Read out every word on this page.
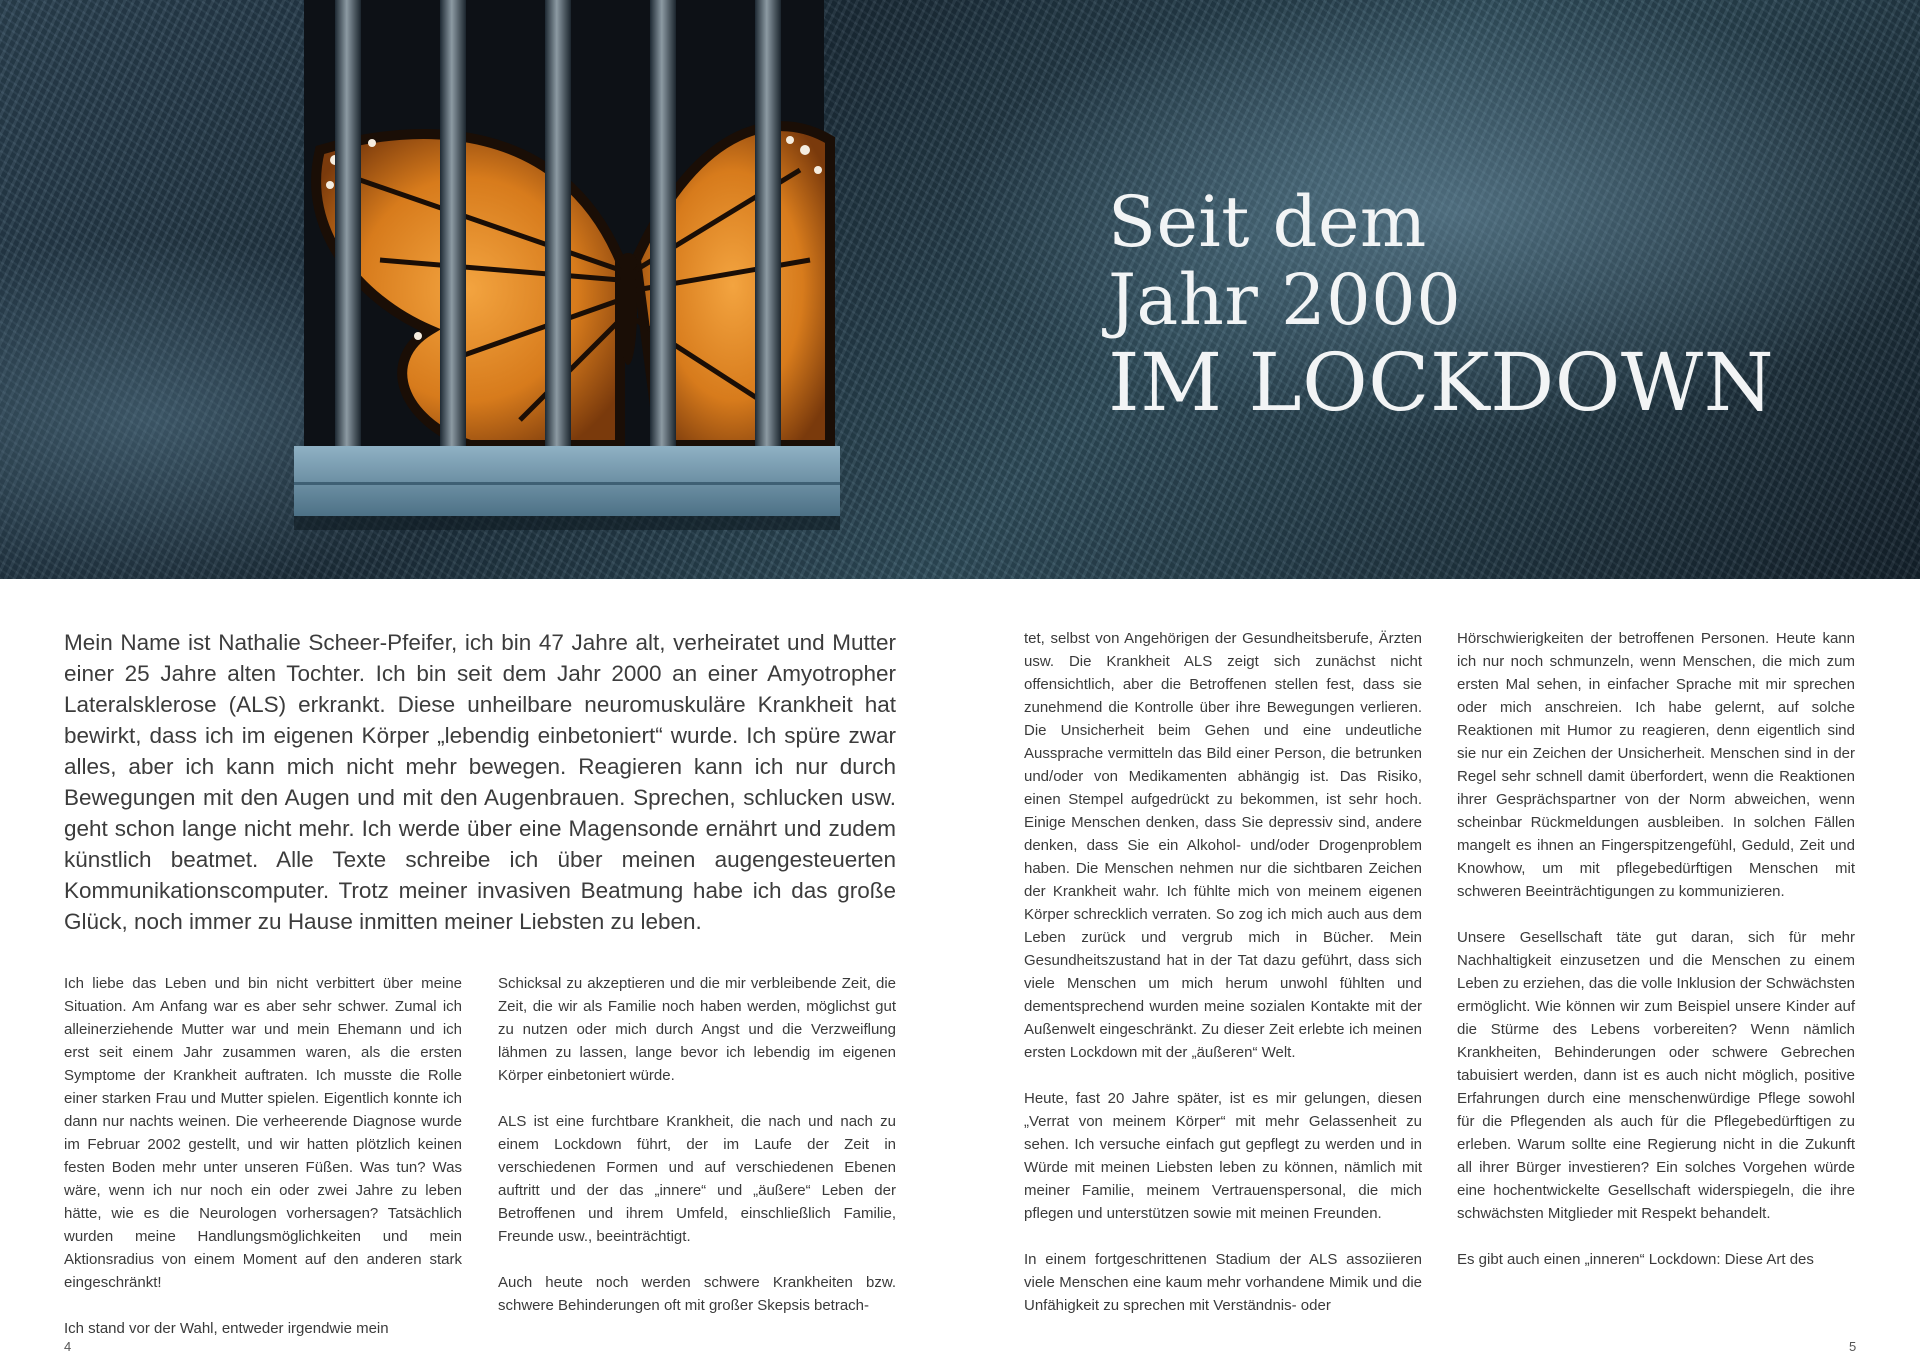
Seit dem
Jahr 2000
IM LOCKDOWN

Mein Name ist Nathalie Scheer-Pfeifer, ich bin 47 Jahre alt, verheiratet und Mutter einer 25 Jahre alten Tochter. Ich bin seit dem Jahr 2000 an einer Amyotropher Lateralsklerose (ALS) erkrankt. Diese unheilbare neuromuskuläre Krankheit hat bewirkt, dass ich im eigenen Körper „lebendig einbetoniert“ wurde. Ich spüre zwar alles, aber ich kann mich nicht mehr bewegen. Reagieren kann ich nur durch Bewegungen mit den Augen und mit den Augenbrauen. Sprechen, schlucken usw. geht schon lange nicht mehr. Ich werde über eine Magensonde ernährt und zudem künstlich beatmet. Alle Texte schreibe ich über meinen augengesteuerten Kommunikationscomputer. Trotz meiner invasiven Beatmung habe ich das große Glück, noch immer zu Hause inmitten meiner Liebsten zu leben.

Ich liebe das Leben und bin nicht verbittert über meine Situation. Am Anfang war es aber sehr schwer. Zumal ich alleinerziehende Mutter war und mein Ehemann und ich erst seit einem Jahr zusammen waren, als die ersten Symptome der Krankheit auftraten. Ich musste die Rolle einer starken Frau und Mutter spielen. Eigentlich konnte ich dann nur nachts weinen. Die verheerende Diagnose wurde im Februar 2002 gestellt, und wir hatten plötzlich keinen festen Boden mehr unter unseren Füßen. Was tun? Was wäre, wenn ich nur noch ein oder zwei Jahre zu leben hätte, wie es die Neurologen vorhersagen? Tatsächlich wurden meine Handlungsmöglichkeiten und mein Aktionsradius von einem Moment auf den anderen stark eingeschränkt!

Ich stand vor der Wahl, entweder irgendwie mein

Schicksal zu akzeptieren und die mir verbleibende Zeit, die Zeit, die wir als Familie noch haben werden, möglichst gut zu nutzen oder mich durch Angst und die Verzweiflung lähmen zu lassen, lange bevor ich lebendig im eigenen Körper einbetoniert würde.

ALS ist eine furchtbare Krankheit, die nach und nach zu einem Lockdown führt, der im Laufe der Zeit in verschiedenen Formen und auf verschiedenen Ebenen auftritt und der das „innere“ und „äußere“ Leben der Betroffenen und ihrem Umfeld, einschließlich Familie, Freunde usw., beeinträchtigt.

Auch heute noch werden schwere Krankheiten bzw. schwere Behinderungen oft mit großer Skepsis betrach-

tet, selbst von Angehörigen der Gesundheitsberufe, Ärzten usw. Die Krankheit ALS zeigt sich zunächst nicht offensichtlich, aber die Betroffenen stellen fest, dass sie zunehmend die Kontrolle über ihre Bewegungen verlieren. Die Unsicherheit beim Gehen und eine undeutliche Aussprache vermitteln das Bild einer Person, die betrunken und/oder von Medikamenten abhängig ist. Das Risiko, einen Stempel aufgedrückt zu bekommen, ist sehr hoch. Einige Menschen denken, dass Sie depressiv sind, andere denken, dass Sie ein Alkohol- und/oder Drogenproblem haben. Die Menschen nehmen nur die sichtbaren Zeichen der Krankheit wahr. Ich fühlte mich von meinem eigenen Körper schrecklich verraten. So zog ich mich auch aus dem Leben zurück und vergrub mich in Bücher. Mein Gesundheitszustand hat in der Tat dazu geführt, dass sich viele Menschen um mich herum unwohl fühlten und dementsprechend wurden meine sozialen Kontakte mit der Außenwelt eingeschränkt. Zu dieser Zeit erlebte ich meinen ersten Lockdown mit der „äußeren“ Welt.

Heute, fast 20 Jahre später, ist es mir gelungen, diesen „Verrat von meinem Körper“ mit mehr Gelassenheit zu sehen. Ich versuche einfach gut gepflegt zu werden und in Würde mit meinen Liebsten leben zu können, nämlich mit meiner Familie, meinem Vertrauenspersonal, die mich pflegen und unterstützen sowie mit meinen Freunden.

In einem fortgeschrittenen Stadium der ALS assoziieren viele Menschen eine kaum mehr vorhandene Mimik und die Unfähigkeit zu sprechen mit Verständnis- oder

Hörschwierigkeiten der betroffenen Personen. Heute kann ich nur noch schmunzeln, wenn Menschen, die mich zum ersten Mal sehen, in einfacher Sprache mit mir sprechen oder mich anschreien. Ich habe gelernt, auf solche Reaktionen mit Humor zu reagieren, denn eigentlich sind sie nur ein Zeichen der Unsicherheit. Menschen sind in der Regel sehr schnell damit überfordert, wenn die Reaktionen ihrer Gesprächspartner von der Norm abweichen, wenn scheinbar Rückmeldungen ausbleiben. In solchen Fällen mangelt es ihnen an Fingerspitzengefühl, Geduld, Zeit und Knowhow, um mit pflegebedürftigen Menschen mit schweren Beeinträchtigungen zu kommunizieren.

Unsere Gesellschaft täte gut daran, sich für mehr Nachhaltigkeit einzusetzen und die Menschen zu einem Leben zu erziehen, das die volle Inklusion der Schwächsten ermöglicht. Wie können wir zum Beispiel unsere Kinder auf die Stürme des Lebens vorbereiten? Wenn nämlich Krankheiten, Behinderungen oder schwere Gebrechen tabuisiert werden, dann ist es auch nicht möglich, positive Erfahrungen durch eine menschenwürdige Pflege sowohl für die Pflegenden als auch für die Pflegebedürftigen zu erleben. Warum sollte eine Regierung nicht in die Zukunft all ihrer Bürger investieren? Ein solches Vorgehen würde eine hochentwickelte Gesellschaft widerspiegeln, die ihre schwächsten Mitglieder mit Respekt behandelt.

Es gibt auch einen „inneren“ Lockdown: Diese Art des

4	5
